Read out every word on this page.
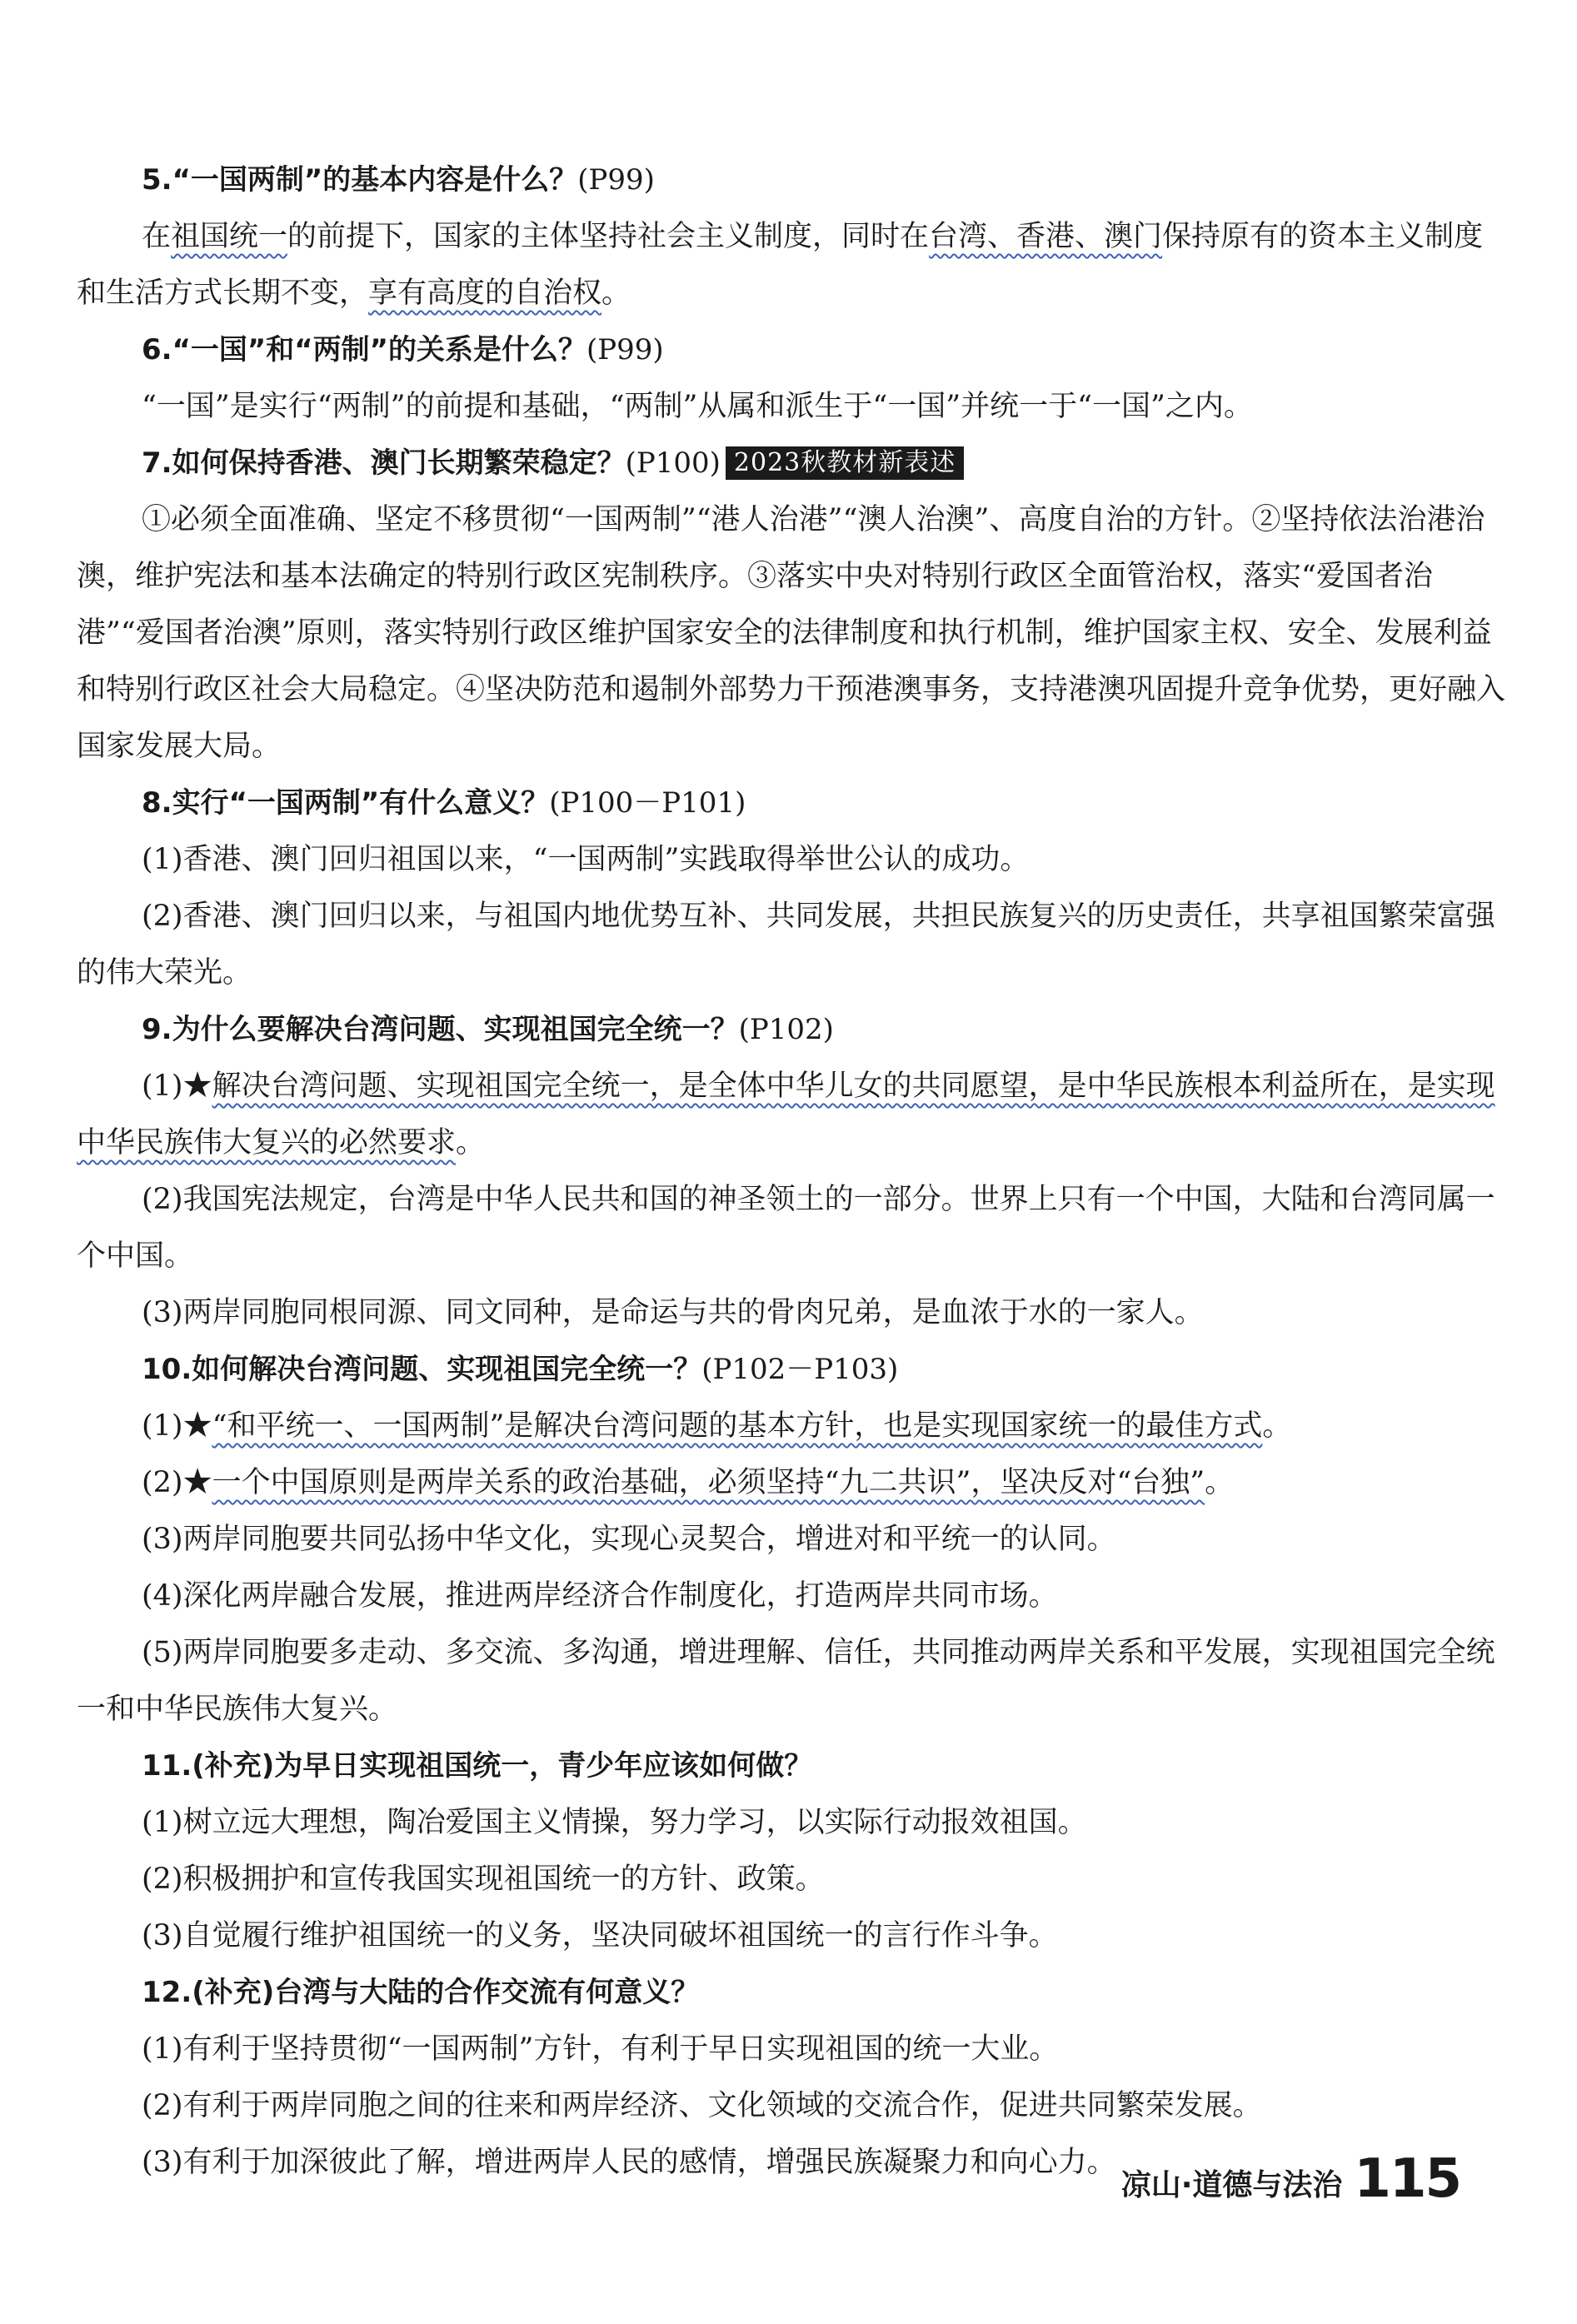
5.“一国两制”的基本内容是什么？(P99)

在祖国统一的前提下，国家的主体坚持社会主义制度，同时在台湾、香港、澳门保持原有的资本主义制度和生活方式长期不变，享有高度的自治权。

6.“一国”和“两制”的关系是什么？(P99)

“一国”是实行“两制”的前提和基础，“两制”从属和派生于“一国”并统一于“一国”之内。

7.如何保持香港、澳门长期繁荣稳定？(P100) 2023秋教材新表述

①必须全面准确、坚定不移贯彻“一国两制”“港人治港”“澳人治澳”、高度自治的方针。②坚持依法治港治澳，维护宪法和基本法确定的特别行政区宪制秩序。③落实中央对特别行政区全面管治权，落实“爱国者治港”“爱国者治澳”原则，落实特别行政区维护国家安全的法律制度和执行机制，维护国家主权、安全、发展利益和特别行政区社会大局稳定。④坚决防范和遏制外部势力干预港澳事务，支持港澳巩固提升竞争优势，更好融入国家发展大局。

8.实行“一国两制”有什么意义？(P100－P101)

(1)香港、澳门回归祖国以来，“一国两制”实践取得举世公认的成功。

(2)香港、澳门回归以来，与祖国内地优势互补、共同发展，共担民族复兴的历史责任，共享祖国繁荣富强的伟大荣光。

9.为什么要解决台湾问题、实现祖国完全统一？(P102)

(1)★解决台湾问题、实现祖国完全统一，是全体中华儿女的共同愿望，是中华民族根本利益所在，是实现中华民族伟大复兴的必然要求。

(2)我国宪法规定，台湾是中华人民共和国的神圣领土的一部分。世界上只有一个中国，大陆和台湾同属一个中国。

(3)两岸同胞同根同源、同文同种，是命运与共的骨肉兄弟，是血浓于水的一家人。

10.如何解决台湾问题、实现祖国完全统一？(P102－P103)

(1)★“和平统一、一国两制”是解决台湾问题的基本方针，也是实现国家统一的最佳方式。

(2)★一个中国原则是两岸关系的政治基础，必须坚持“九二共识”，坚决反对“台独”。

(3)两岸同胞要共同弘扬中华文化，实现心灵契合，增进对和平统一的认同。

(4)深化两岸融合发展，推进两岸经济合作制度化，打造两岸共同市场。

(5)两岸同胞要多走动、多交流、多沟通，增进理解、信任，共同推动两岸关系和平发展，实现祖国完全统一和中华民族伟大复兴。

11.(补充)为早日实现祖国统一，青少年应该如何做？

(1)树立远大理想，陶冶爱国主义情操，努力学习，以实际行动报效祖国。

(2)积极拥护和宣传我国实现祖国统一的方针、政策。

(3)自觉履行维护祖国统一的义务，坚决同破坏祖国统一的言行作斗争。

12.(补充)台湾与大陆的合作交流有何意义？

(1)有利于坚持贯彻“一国两制”方针，有利于早日实现祖国的统一大业。

(2)有利于两岸同胞之间的往来和两岸经济、文化领域的交流合作，促进共同繁荣发展。

(3)有利于加深彼此了解，增进两岸人民的感情，增强民族凝聚力和向心力。

凉山·道德与法治 115
